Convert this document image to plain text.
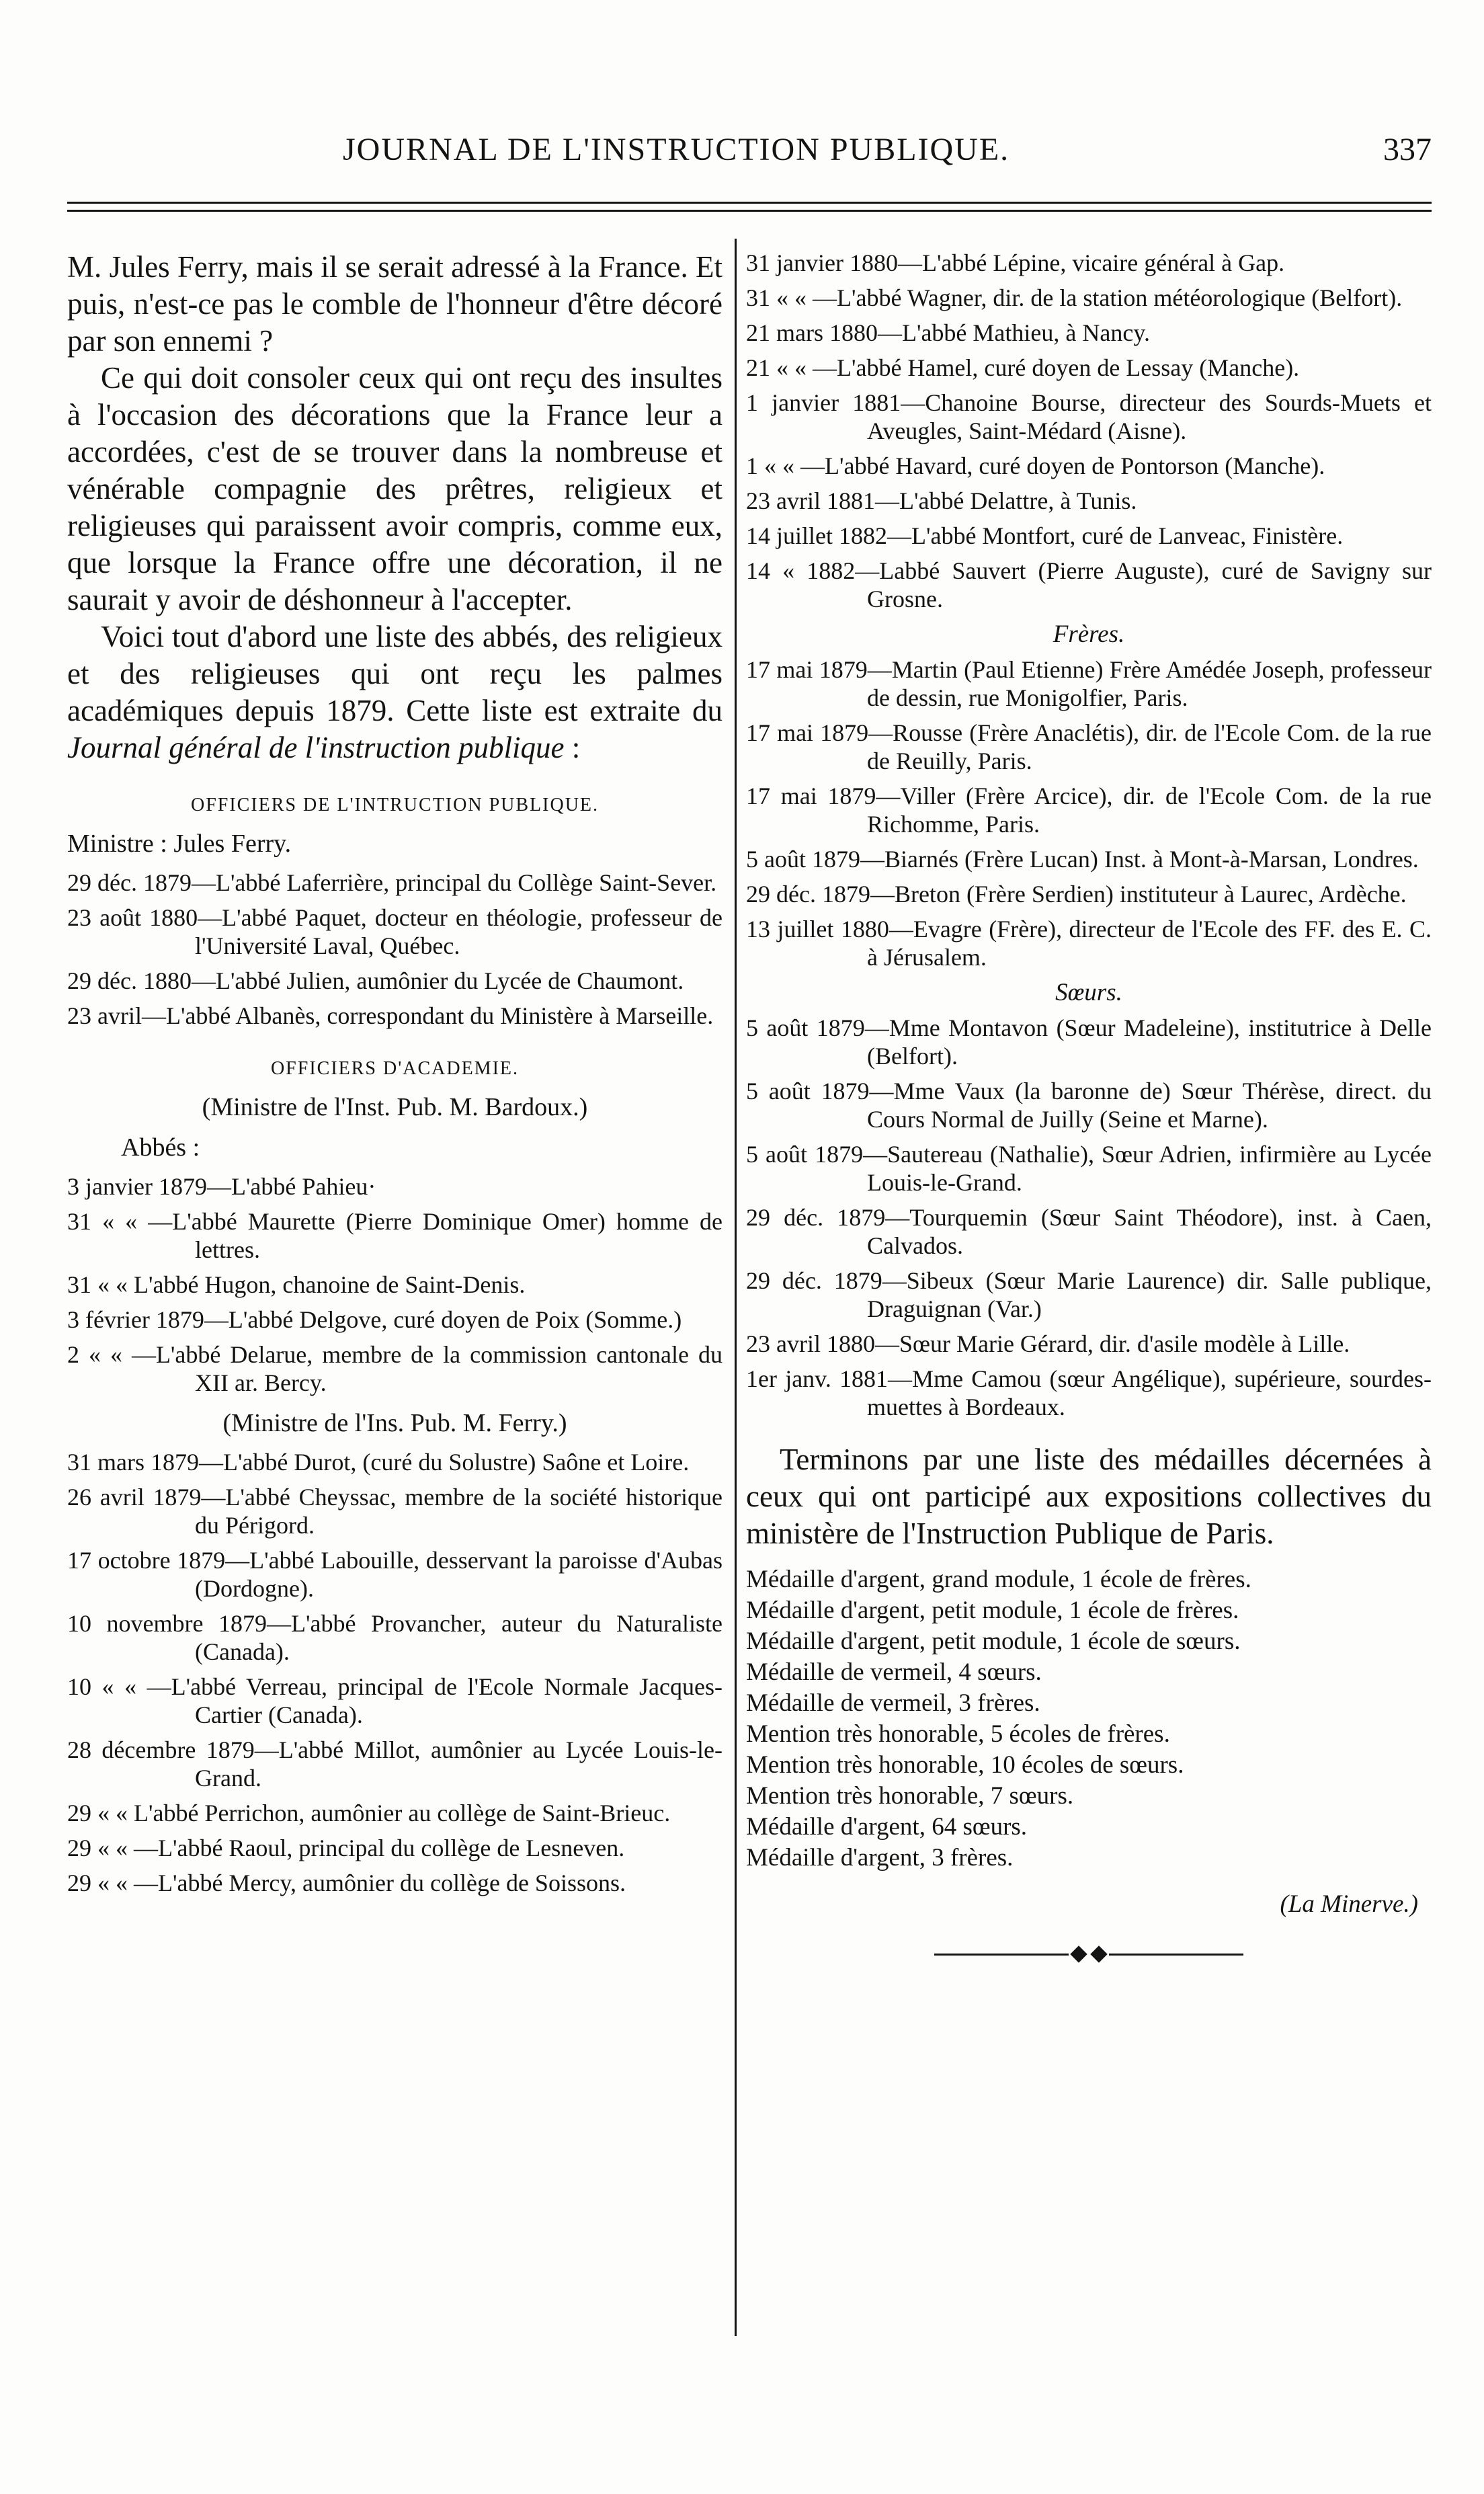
JOURNAL DE L'INSTRUCTION PUBLIQUE.	337

M. Jules Ferry, mais il se serait adressé à la France. Et puis, n'est-ce pas le comble de l'honneur d'être décoré par son ennemi ?

Ce qui doit consoler ceux qui ont reçu des insultes à l'occasion des décorations que la France leur a accordées, c'est de se trouver dans la nombreuse et vénérable compagnie des prêtres, religieux et religieuses qui paraissent avoir compris, comme eux, que lorsque la France offre une décoration, il ne saurait y avoir de déshonneur à l'accepter.

Voici tout d'abord une liste des abbés, des religieux et des religieuses qui ont reçu les palmes académiques depuis 1879. Cette liste est extraite du Journal général de l'instruction publique :

OFFICIERS DE L'INTRUCTION PUBLIQUE.

Ministre : Jules Ferry.

29 déc. 1879—L'abbé Laferrière, principal du Collège Saint-Sever.

23 août 1880—L'abbé Paquet, docteur en théologie, professeur de l'Université Laval, Québec.

29 déc. 1880—L'abbé Julien, aumônier du Lycée de Chaumont.

23 avril—L'abbé Albanès, correspondant du Ministère à Marseille.

OFFICIERS D'ACADEMIE.

(Ministre de l'Inst. Pub. M. Bardoux.)

Abbés :

3 janvier 1879—L'abbé Pahieu·

31 « « —L'abbé Maurette (Pierre Dominique Omer) homme de lettres.

31 « « L'abbé Hugon, chanoine de Saint-Denis.

3 février 1879—L'abbé Delgove, curé doyen de Poix (Somme.)

2 « « —L'abbé Delarue, membre de la commission cantonale du XII ar. Bercy.

(Ministre de l'Ins. Pub. M. Ferry.)

31 mars 1879—L'abbé Durot, (curé du Solustre) Saône et Loire.

26 avril 1879—L'abbé Cheyssac, membre de la société historique du Périgord.

17 octobre 1879—L'abbé Labouille, desservant la paroisse d'Aubas (Dordogne).

10 novembre 1879—L'abbé Provancher, auteur du Naturaliste (Canada).

10 « « —L'abbé Verreau, principal de l'Ecole Normale Jacques-Cartier (Canada).

28 décembre 1879—L'abbé Millot, aumônier au Lycée Louis-le-Grand.

29 « « L'abbé Perrichon, aumônier au collège de Saint-Brieuc.

29 « « —L'abbé Raoul, principal du collège de Lesneven.

29 « « —L'abbé Mercy, aumônier du collège de Soissons.

31 janvier 1880—L'abbé Lépine, vicaire général à Gap.

31 « « —L'abbé Wagner, dir. de la station météorologique (Belfort).

21 mars 1880—L'abbé Mathieu, à Nancy.

21 « « —L'abbé Hamel, curé doyen de Lessay (Manche).

1 janvier 1881—Chanoine Bourse, directeur des Sourds-Muets et Aveugles, Saint-Médard (Aisne).

1 « « —L'abbé Havard, curé doyen de Pontorson (Manche).

23 avril 1881—L'abbé Delattre, à Tunis.

14 juillet 1882—L'abbé Montfort, curé de Lanveac, Finistère.

14 « 1882—Labbé Sauvert (Pierre Auguste), curé de Savigny sur Grosne.

Frères.

17 mai 1879—Martin (Paul Etienne) Frère Amédée Joseph, professeur de dessin, rue Monigolfier, Paris.

17 mai 1879—Rousse (Frère Anaclétis), dir. de l'Ecole Com. de la rue de Reuilly, Paris.

17 mai 1879—Viller (Frère Arcice), dir. de l'Ecole Com. de la rue Richomme, Paris.

5 août 1879—Biarnés (Frère Lucan) Inst. à Mont-à-Marsan, Londres.

29 déc. 1879—Breton (Frère Serdien) instituteur à Laurec, Ardèche.

13 juillet 1880—Evagre (Frère), directeur de l'Ecole des FF. des E. C. à Jérusalem.

Sœurs.

5 août 1879—Mme Montavon (Sœur Madeleine), institutrice à Delle (Belfort).

5 août 1879—Mme Vaux (la baronne de) Sœur Thérèse, direct. du Cours Normal de Juilly (Seine et Marne).

5 août 1879—Sautereau (Nathalie), Sœur Adrien, infirmière au Lycée Louis-le-Grand.

29 déc. 1879—Tourquemin (Sœur Saint Théodore), inst. à Caen, Calvados.

29 déc. 1879—Sibeux (Sœur Marie Laurence) dir. Salle publique, Draguignan (Var.)

23 avril 1880—Sœur Marie Gérard, dir. d'asile modèle à Lille.

1er janv. 1881—Mme Camou (sœur Angélique), supérieure, sourdes-muettes à Bordeaux.

Terminons par une liste des médailles décernées à ceux qui ont participé aux expositions collectives du ministère de l'Instruction Publique de Paris.

Médaille d'argent, grand module, 1 école de frères.

Médaille d'argent, petit module, 1 école de frères.

Médaille d'argent, petit module, 1 école de sœurs.

Médaille de vermeil, 4 sœurs.

Médaille de vermeil, 3 frères.

Mention très honorable, 5 écoles de frères.

Mention très honorable, 10 écoles de sœurs.

Mention très honorable, 7 sœurs.

Médaille d'argent, 64 sœurs.

Médaille d'argent, 3 frères.

(La Minerve.)
